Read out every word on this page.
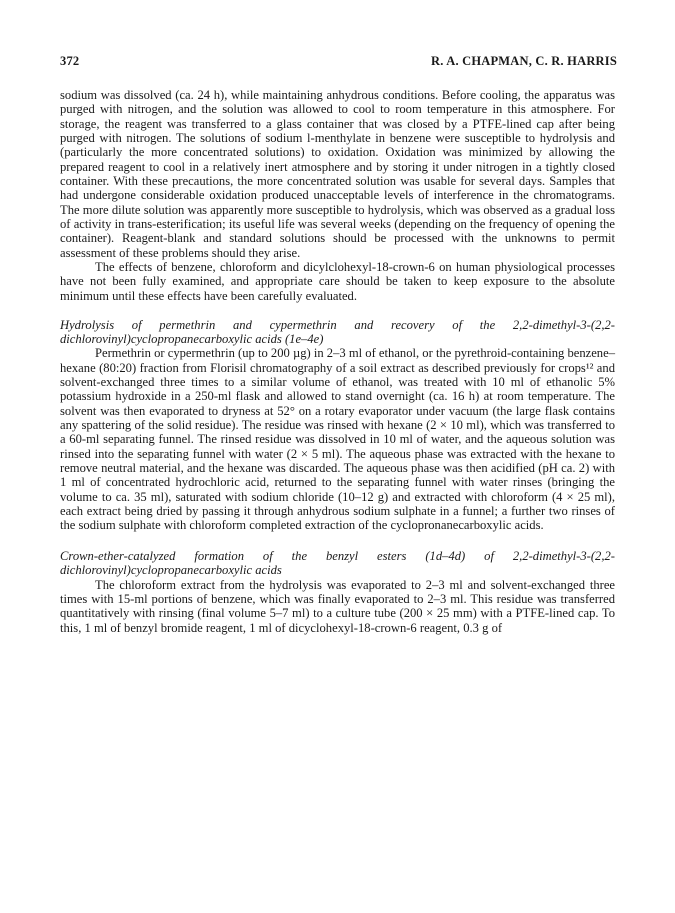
372	R. A. CHAPMAN, C. R. HARRIS

sodium was dissolved (ca. 24 h), while maintaining anhydrous conditions. Before cooling, the apparatus was purged with nitrogen, and the solution was allowed to cool to room temperature in this atmosphere. For storage, the reagent was transferred to a glass container that was closed by a PTFE-lined cap after being purged with nitrogen. The solutions of sodium l-menthylate in benzene were susceptible to hydrolysis and (particularly the more concentrated solutions) to oxidation. Oxidation was minimized by allowing the prepared reagent to cool in a relatively inert atmosphere and by storing it under nitrogen in a tightly closed container. With these precautions, the more concentrated solution was usable for several days. Samples that had undergone considerable oxidation produced unacceptable levels of interference in the chromatograms. The more dilute solution was apparently more susceptible to hydrolysis, which was observed as a gradual loss of activity in trans-esterification; its useful life was several weeks (depending on the frequency of opening the container). Reagent-blank and standard solutions should be processed with the unknowns to permit assessment of these problems should they arise.

The effects of benzene, chloroform and dicylclohexyl-18-crown-6 on human physiological processes have not been fully examined, and appropriate care should be taken to keep exposure to the absolute minimum until these effects have been carefully evaluated.

Hydrolysis of permethrin and cypermethrin and recovery of the 2,2-dimethyl-3-(2,2-dichlorovinyl)cyclopropanecarboxylic acids (1e–4e)

Permethrin or cypermethrin (up to 200 µg) in 2–3 ml of ethanol, or the pyrethroid-containing benzene–hexane (80:20) fraction from Florisil chromatography of a soil extract as described previously for crops¹² and solvent-exchanged three times to a similar volume of ethanol, was treated with 10 ml of ethanolic 5% potassium hydroxide in a 250-ml flask and allowed to stand overnight (ca. 16 h) at room temperature. The solvent was then evaporated to dryness at 52° on a rotary evaporator under vacuum (the large flask contains any spattering of the solid residue). The residue was rinsed with hexane (2 × 10 ml), which was transferred to a 60-ml separating funnel. The rinsed residue was dissolved in 10 ml of water, and the aqueous solution was rinsed into the separating funnel with water (2 × 5 ml). The aqueous phase was extracted with the hexane to remove neutral material, and the hexane was discarded. The aqueous phase was then acidified (pH ca. 2) with 1 ml of concentrated hydrochloric acid, returned to the separating funnel with water rinses (bringing the volume to ca. 35 ml), saturated with sodium chloride (10–12 g) and extracted with chloroform (4 × 25 ml), each extract being dried by passing it through anhydrous sodium sulphate in a funnel; a further two rinses of the sodium sulphate with chloroform completed extraction of the cyclopronanecarboxylic acids.

Crown-ether-catalyzed formation of the benzyl esters (1d–4d) of 2,2-dimethyl-3-(2,2-dichlorovinyl)cyclopropanecarboxylic acids

The chloroform extract from the hydrolysis was evaporated to 2–3 ml and solvent-exchanged three times with 15-ml portions of benzene, which was finally evaporated to 2–3 ml. This residue was transferred quantitatively with rinsing (final volume 5–7 ml) to a culture tube (200 × 25 mm) with a PTFE-lined cap. To this, 1 ml of benzyl bromide reagent, 1 ml of dicyclohexyl-18-crown-6 reagent, 0.3 g of
